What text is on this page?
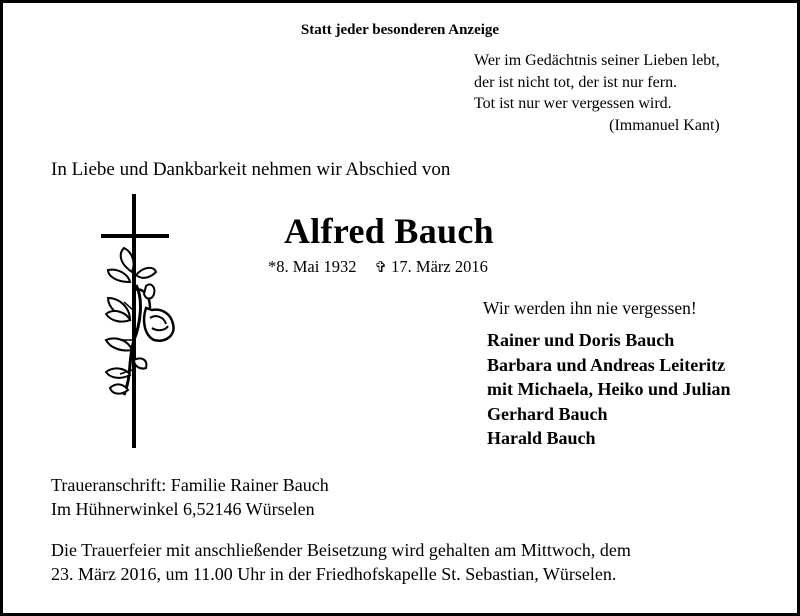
Statt jeder besonderen Anzeige
Wer im Gedächtnis seiner Lieben lebt,
der ist nicht tot, der ist nur fern.
Tot ist nur wer vergessen wird.
(Immanuel Kant)
In Liebe und Dankbarkeit nehmen wir Abschied von
Alfred Bauch
*8. Mai 1932 ✞ 17. März 2016
Wir werden ihn nie vergessen!
Rainer und Doris Bauch
Barbara und Andreas Leiteritz
mit Michaela, Heiko und Julian
Gerhard Bauch
Harald Bauch
Traueranschrift: Familie Rainer Bauch
Im Hühnerwinkel 6,52146 Würselen
Die Trauerfeier mit anschließender Beisetzung wird gehalten am Mittwoch, dem
23. März 2016, um 11.00 Uhr in der Friedhofskapelle St. Sebastian, Würselen.
